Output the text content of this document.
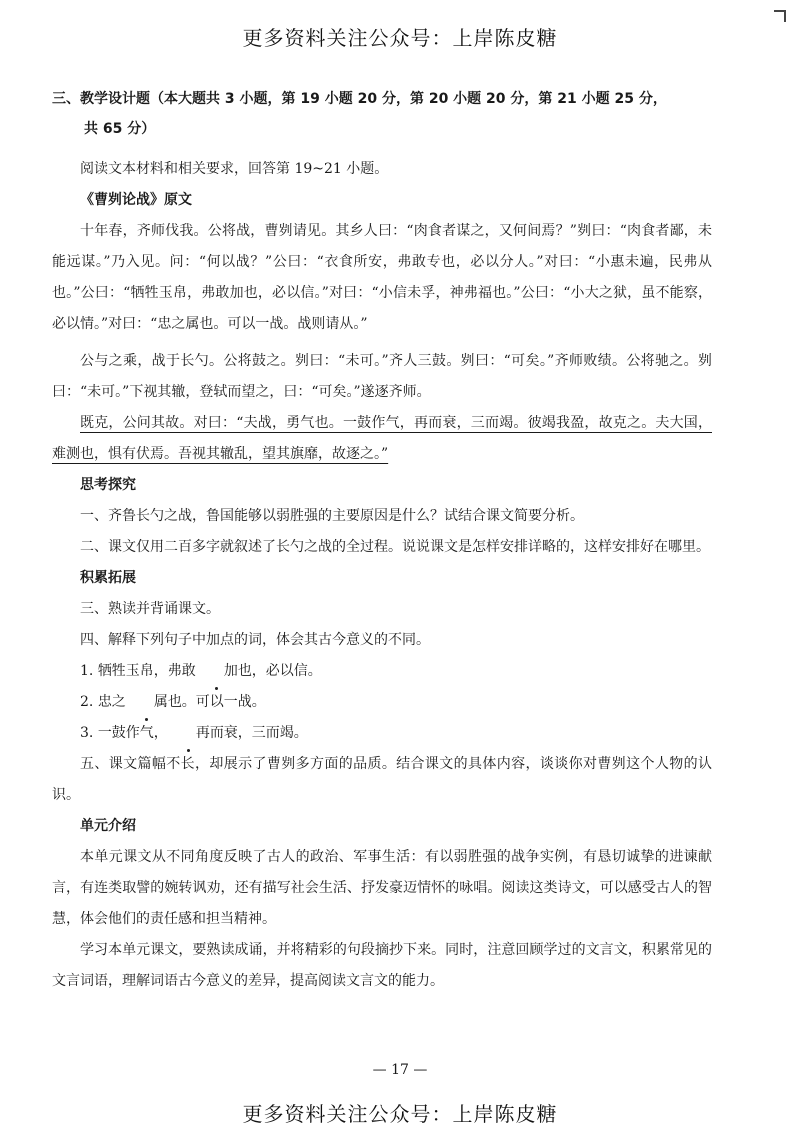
更多资料关注公众号：上岸陈皮糖

三、教学设计题（本大题共 3 小题，第 19 小题 20 分，第 20 小题 20 分，第 21 小题 25 分，
共 65 分）

阅读文本材料和相关要求，回答第 19~21 小题。

《曹刿论战》原文

十年春，齐师伐我。公将战，曹刿请见。其乡人曰：“肉食者谋之，又何间焉？”刿曰：“肉食者鄙，未能远谋。”乃入见。问：“何以战？”公曰：“衣食所安，弗敢专也，必以分人。”对曰：“小惠未遍，民弗从也。”公曰：“牺牲玉帛，弗敢加也，必以信。”对曰：“小信未孚，神弗福也。”公曰：“小大之狱，虽不能察，必以情。”对曰：“忠之属也。可以一战。战则请从。”

公与之乘，战于长勺。公将鼓之。刿曰：“未可。”齐人三鼓。刿曰：“可矣。”齐师败绩。公将驰之。刿曰：“未可。”下视其辙，登轼而望之，曰：“可矣。”遂逐齐师。

既克，公问其故。对曰：“夫战，勇气也。一鼓作气，再而衰，三而竭。彼竭我盈，故克之。夫大国，难测也，惧有伏焉。吾视其辙乱，望其旗靡，故逐之。”

思考探究

一、齐鲁长勺之战，鲁国能够以弱胜强的主要原因是什么？试结合课文简要分析。

二、课文仅用二百多字就叙述了长勺之战的全过程。说说课文是怎样安排详略的，这样安排好在哪里。

积累拓展

三、熟读并背诵课文。

四、解释下列句子中加点的词，体会其古今意义的不同。

1. 牺牲玉帛，弗敢 加也，必以信。

2. 忠之 属也。可以一战。

3. 一鼓作气， 再而衰，三而竭。

五、课文篇幅不长，却展示了曹刿多方面的品质。结合课文的具体内容，谈谈你对曹刿这个人物的认识。

单元介绍

本单元课文从不同角度反映了古人的政治、军事生活：有以弱胜强的战争实例，有恳切诚挚的进谏献言，有连类取譬的婉转讽劝，还有描写社会生活、抒发豪迈情怀的咏唱。阅读这类诗文，可以感受古人的智慧，体会他们的责任感和担当精神。

学习本单元课文，要熟读成诵，并将精彩的句段摘抄下来。同时，注意回顾学过的文言文，积累常见的文言词语，理解词语古今意义的差异，提高阅读文言文的能力。

— 17 —
更多资料关注公众号：上岸陈皮糖
